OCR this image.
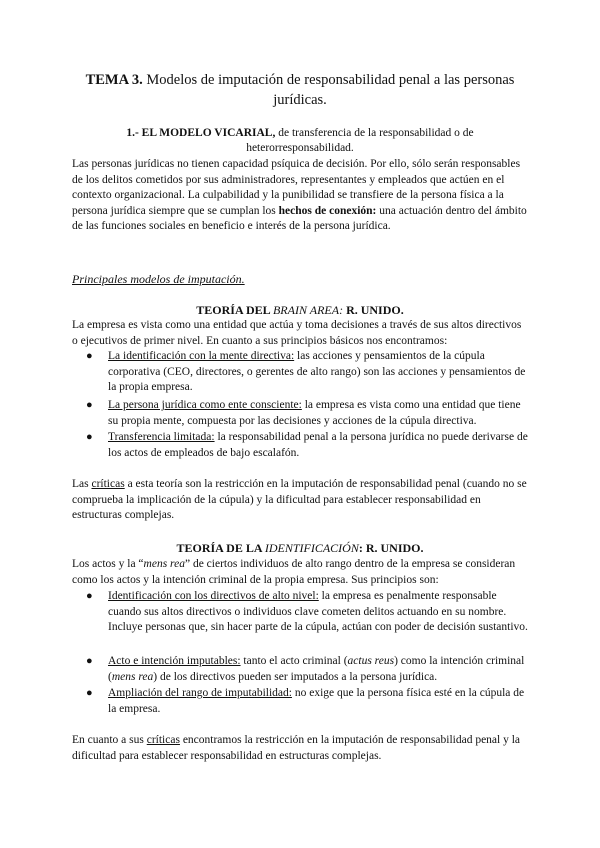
TEMA 3. Modelos de imputación de responsabilidad penal a las personas jurídicas.
1.- EL MODELO VICARIAL, de transferencia de la responsabilidad o de heterorresponsabilidad.
Las personas jurídicas no tienen capacidad psíquica de decisión. Por ello, sólo serán responsables de los delitos cometidos por sus administradores, representantes y empleados que actúen en el contexto organizacional. La culpabilidad y la punibilidad se transfiere de la persona física a la persona jurídica siempre que se cumplan los hechos de conexión: una actuación dentro del ámbito de las funciones sociales en beneficio e interés de la persona jurídica.
Principales modelos de imputación.
TEORÍA DEL BRAIN AREA: R. UNIDO.
La empresa es vista como una entidad que actúa y toma decisiones a través de sus altos directivos o ejecutivos de primer nivel. En cuanto a sus principios básicos nos encontramos:
● La identificación con la mente directiva: las acciones y pensamientos de la cúpula corporativa (CEO, directores, o gerentes de alto rango) son las acciones y pensamientos de la propia empresa.
● La persona jurídica como ente consciente: la empresa es vista como una entidad que tiene su propia mente, compuesta por las decisiones y acciones de la cúpula directiva.
● Transferencia limitada: la responsabilidad penal a la persona jurídica no puede derivarse de los actos de empleados de bajo escalafón.
Las críticas a esta teoría son la restricción en la imputación de responsabilidad penal (cuando no se comprueba la implicación de la cúpula) y la dificultad para establecer responsabilidad en estructuras complejas.
TEORÍA DE LA IDENTIFICACIÓN: R. UNIDO.
Los actos y la “mens rea” de ciertos individuos de alto rango dentro de la empresa se consideran como los actos y la intención criminal de la propia empresa. Sus principios son:
● Identificación con los directivos de alto nivel: la empresa es penalmente responsable cuando sus altos directivos o individuos clave cometen delitos actuando en su nombre. Incluye personas que, sin hacer parte de la cúpula, actúan con poder de decisión sustantivo.
● Acto e intención imputables: tanto el acto criminal (actus reus) como la intención criminal (mens rea) de los directivos pueden ser imputados a la persona jurídica.
● Ampliación del rango de imputabilidad: no exige que la persona física esté en la cúpula de la empresa.
En cuanto a sus críticas encontramos la restricción en la imputación de responsabilidad penal y la dificultad para establecer responsabilidad en estructuras complejas.
